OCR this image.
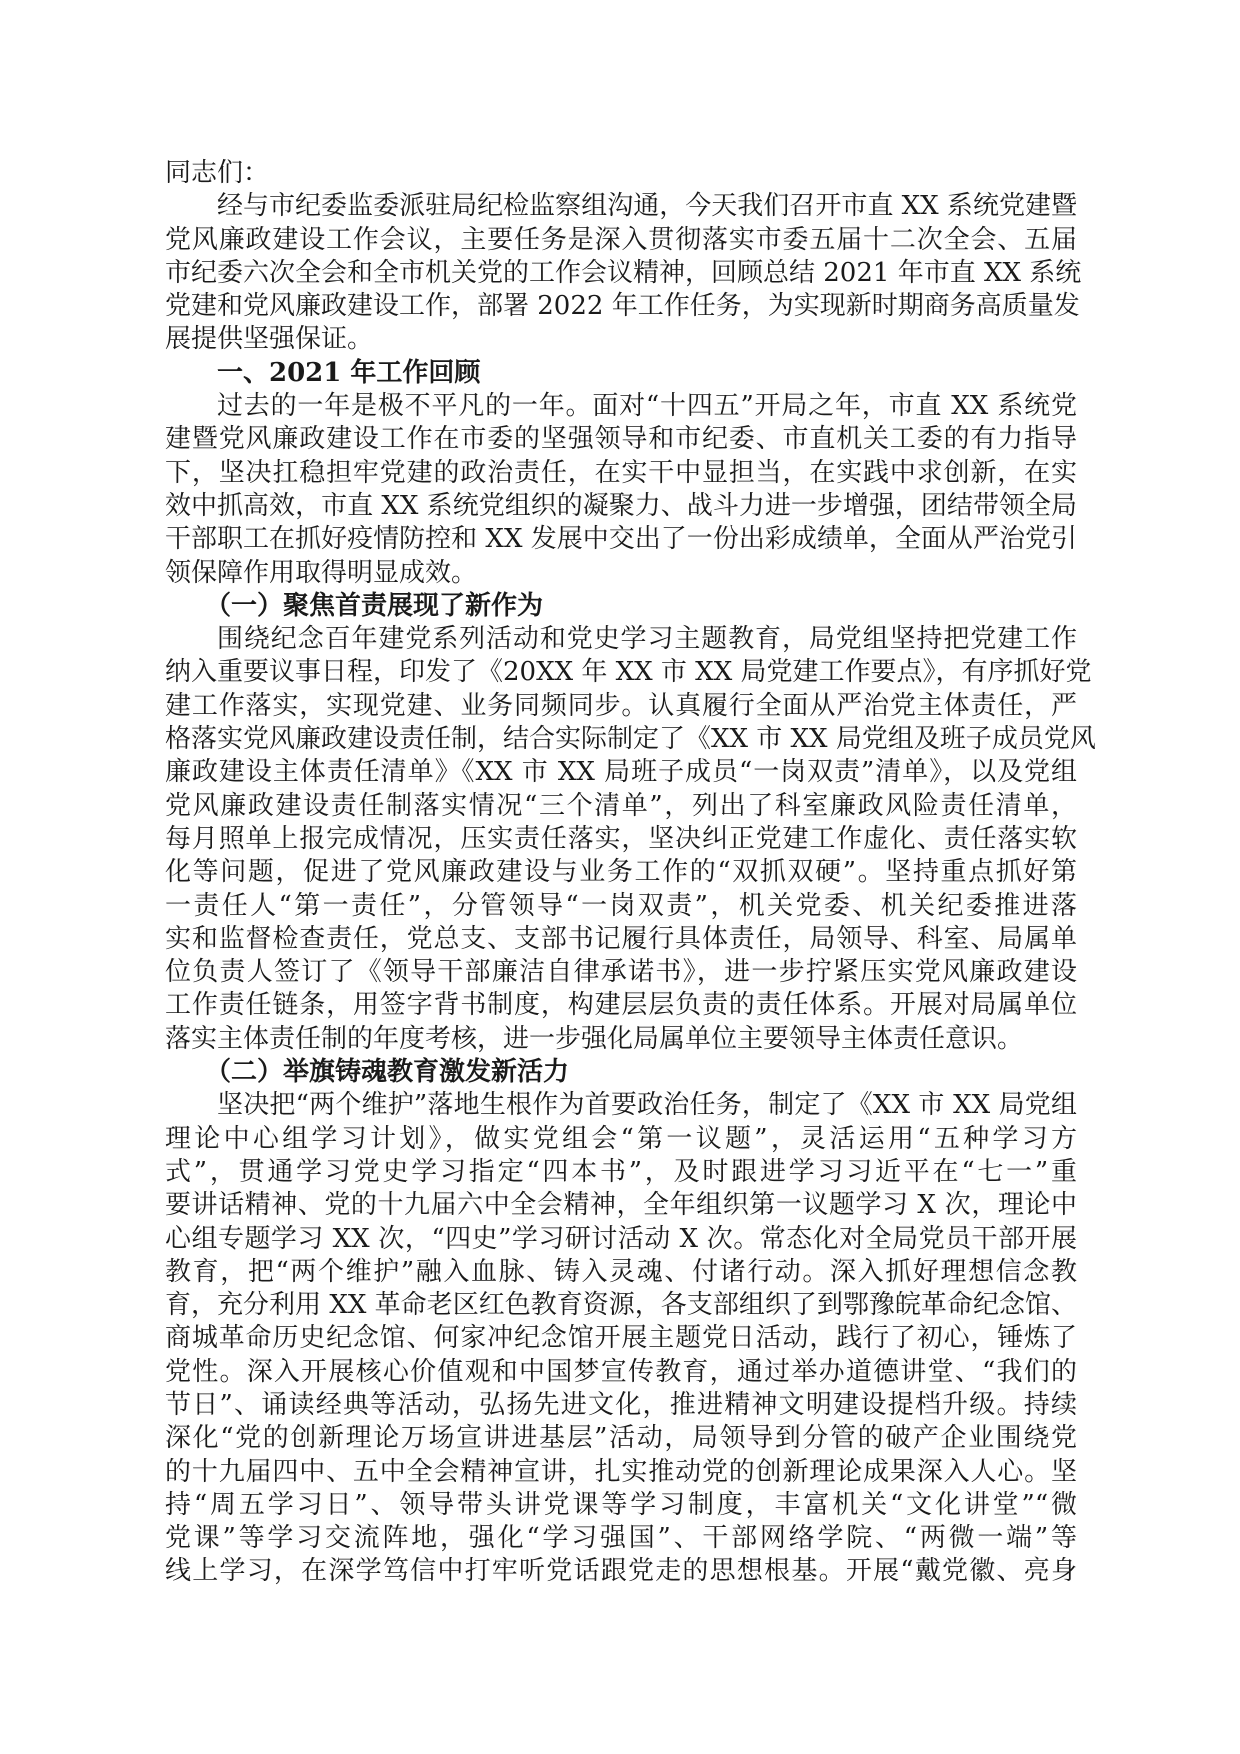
同志们：
经与市纪委监委派驻局纪检监察组沟通，今天我们召开市直 XX 系统党建暨
党风廉政建设工作会议，主要任务是深入贯彻落实市委五届十二次全会、五届
市纪委六次全会和全市机关党的工作会议精神，回顾总结 2021 年市直 XX 系统
党建和党风廉政建设工作，部署 2022 年工作任务，为实现新时期商务高质量发
展提供坚强保证。
一、2021 年工作回顾
过去的一年是极不平凡的一年。面对“十四五”开局之年，市直 XX 系统党
建暨党风廉政建设工作在市委的坚强领导和市纪委、市直机关工委的有力指导
下，坚决扛稳担牢党建的政治责任，在实干中显担当，在实践中求创新，在实
效中抓高效，市直 XX 系统党组织的凝聚力、战斗力进一步增强，团结带领全局
干部职工在抓好疫情防控和 XX 发展中交出了一份出彩成绩单，全面从严治党引
领保障作用取得明显成效。
（一）聚焦首责展现了新作为
围绕纪念百年建党系列活动和党史学习主题教育，局党组坚持把党建工作
纳入重要议事日程，印发了《20XX 年 XX 市 XX 局党建工作要点》，有序抓好党
建工作落实，实现党建、业务同频同步。认真履行全面从严治党主体责任，严
格落实党风廉政建设责任制，结合实际制定了《XX 市 XX 局党组及班子成员党风
廉政建设主体责任清单》《XX 市 XX 局班子成员“一岗双责”清单》，以及党组
党风廉政建设责任制落实情况“三个清单”，列出了科室廉政风险责任清单，
每月照单上报完成情况，压实责任落实，坚决纠正党建工作虚化、责任落实软
化等问题，促进了党风廉政建设与业务工作的“双抓双硬”。坚持重点抓好第
一责任人“第一责任”，分管领导“一岗双责”，机关党委、机关纪委推进落
实和监督检查责任，党总支、支部书记履行具体责任，局领导、科室、局属单
位负责人签订了《领导干部廉洁自律承诺书》，进一步拧紧压实党风廉政建设
工作责任链条，用签字背书制度，构建层层负责的责任体系。开展对局属单位
落实主体责任制的年度考核，进一步强化局属单位主要领导主体责任意识。
（二）举旗铸魂教育激发新活力
坚决把“两个维护”落地生根作为首要政治任务，制定了《XX 市 XX 局党组
理论中心组学习计划》，做实党组会“第一议题”，灵活运用“五种学习方
式”，贯通学习党史学习指定“四本书”，及时跟进学习习近平在“七一”重
要讲话精神、党的十九届六中全会精神，全年组织第一议题学习 X 次，理论中
心组专题学习 XX 次，“四史”学习研讨活动 X 次。常态化对全局党员干部开展
教育，把“两个维护”融入血脉、铸入灵魂、付诸行动。深入抓好理想信念教
育，充分利用 XX 革命老区红色教育资源，各支部组织了到鄂豫皖革命纪念馆、
商城革命历史纪念馆、何家冲纪念馆开展主题党日活动，践行了初心，锤炼了
党性。深入开展核心价值观和中国梦宣传教育，通过举办道德讲堂、“我们的
节日”、诵读经典等活动，弘扬先进文化，推进精神文明建设提档升级。持续
深化“党的创新理论万场宣讲进基层”活动，局领导到分管的破产企业围绕党
的十九届四中、五中全会精神宣讲，扎实推动党的创新理论成果深入人心。坚
持“周五学习日”、领导带头讲党课等学习制度，丰富机关“文化讲堂”“微
党课”等学习交流阵地，强化“学习强国”、干部网络学院、“两微一端”等
线上学习，在深学笃信中打牢听党话跟党走的思想根基。开展“戴党徽、亮身
